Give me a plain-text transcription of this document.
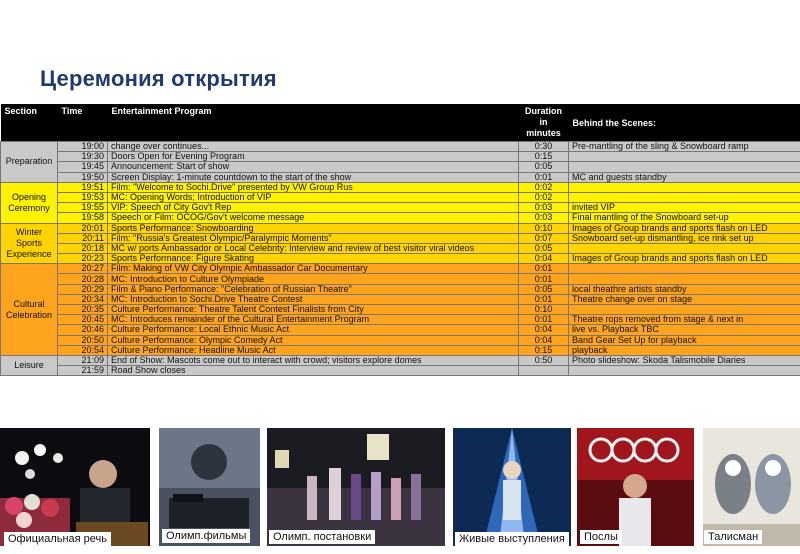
Церемония открытия
Section	Time	Entertainment Program	Duration in minutes	Behind the Scenes:
Preparation	19:00	change over continues...	0:30	Pre-mantling of the sling & Snowboard ramp
	19:30	Doors Open for Evening Program	0:15	
	19:45	Announcement: Start of show	0:05	
	19:50	Screen Display: 1-minute countdown to the start of the show	0:01	MC and guests standby
Opening Ceremony	19:51	Film: "Welcome to Sochi.Drive" presented by VW Group Rus	0:02	
	19:53	MC: Opening Words; Introduction of VIP	0:02	
	19:55	VIP: Speech of City Gov't Rep	0:03	invited VIP
	19:58	Speech or Film: OCOG/Gov't welcome message	0:03	Final mantling of the Snowboard set-up
Winter Sports Experience	20:01	Sports Performance: Snowboarding	0:10	Images of Group brands and sports flash on LED
	20:11	Film: "Russia's Greatest Olympic/Paralympic Moments"	0:07	Snowboard set-up dismantling, ice rink set up
	20:18	MC w/ ports Ambassador or Local Celebrity: Interview and review of best visitor viral videos	0:05	
	20:23	Sports Performance: Figure Skating	0:04	Images of Group brands and sports flash on LED
Cultural Celebration	20:27	Film: Making of VW City Olympic Ambassador Car Documentary	0:01	
	20:28	MC: Introduction to Culture Olympiade	0:01	
	20:29	Film & Piano Performance: "Celebration of Russian Theatre"	0:05	local theathre artists standby
	20:34	MC: Introduction to Sochi.Drive Theatre Contest	0:01	Theatre change over on stage
	20:35	Culture Performance: Theatre Talent Contest Finalists from City	0:10	
	20:45	MC: Introduces remainder of the Cultural Entertainment Program	0:01	Theatre rops removed from stage & next in
	20:46	Culture Performance: Local Ethnic Music Act	0:04	live vs. Playback TBC
	20:50	Culture Performance: Olympic Comedy Act	0:04	Band Gear Set Up for playback
	20:54	Culture Performance: Headline Music Act	0:15	playback
Leisure	21:09	End of Show: Mascots come out to interact with crowd; visitors explore domes	0:50	Photo slideshow: Skoda Talismobile Diaries
	21:59	Road Show closes		
Официальная речь	Олимп.фильмы	Олимп. постановки	Живые выступления	Послы	Талисман
